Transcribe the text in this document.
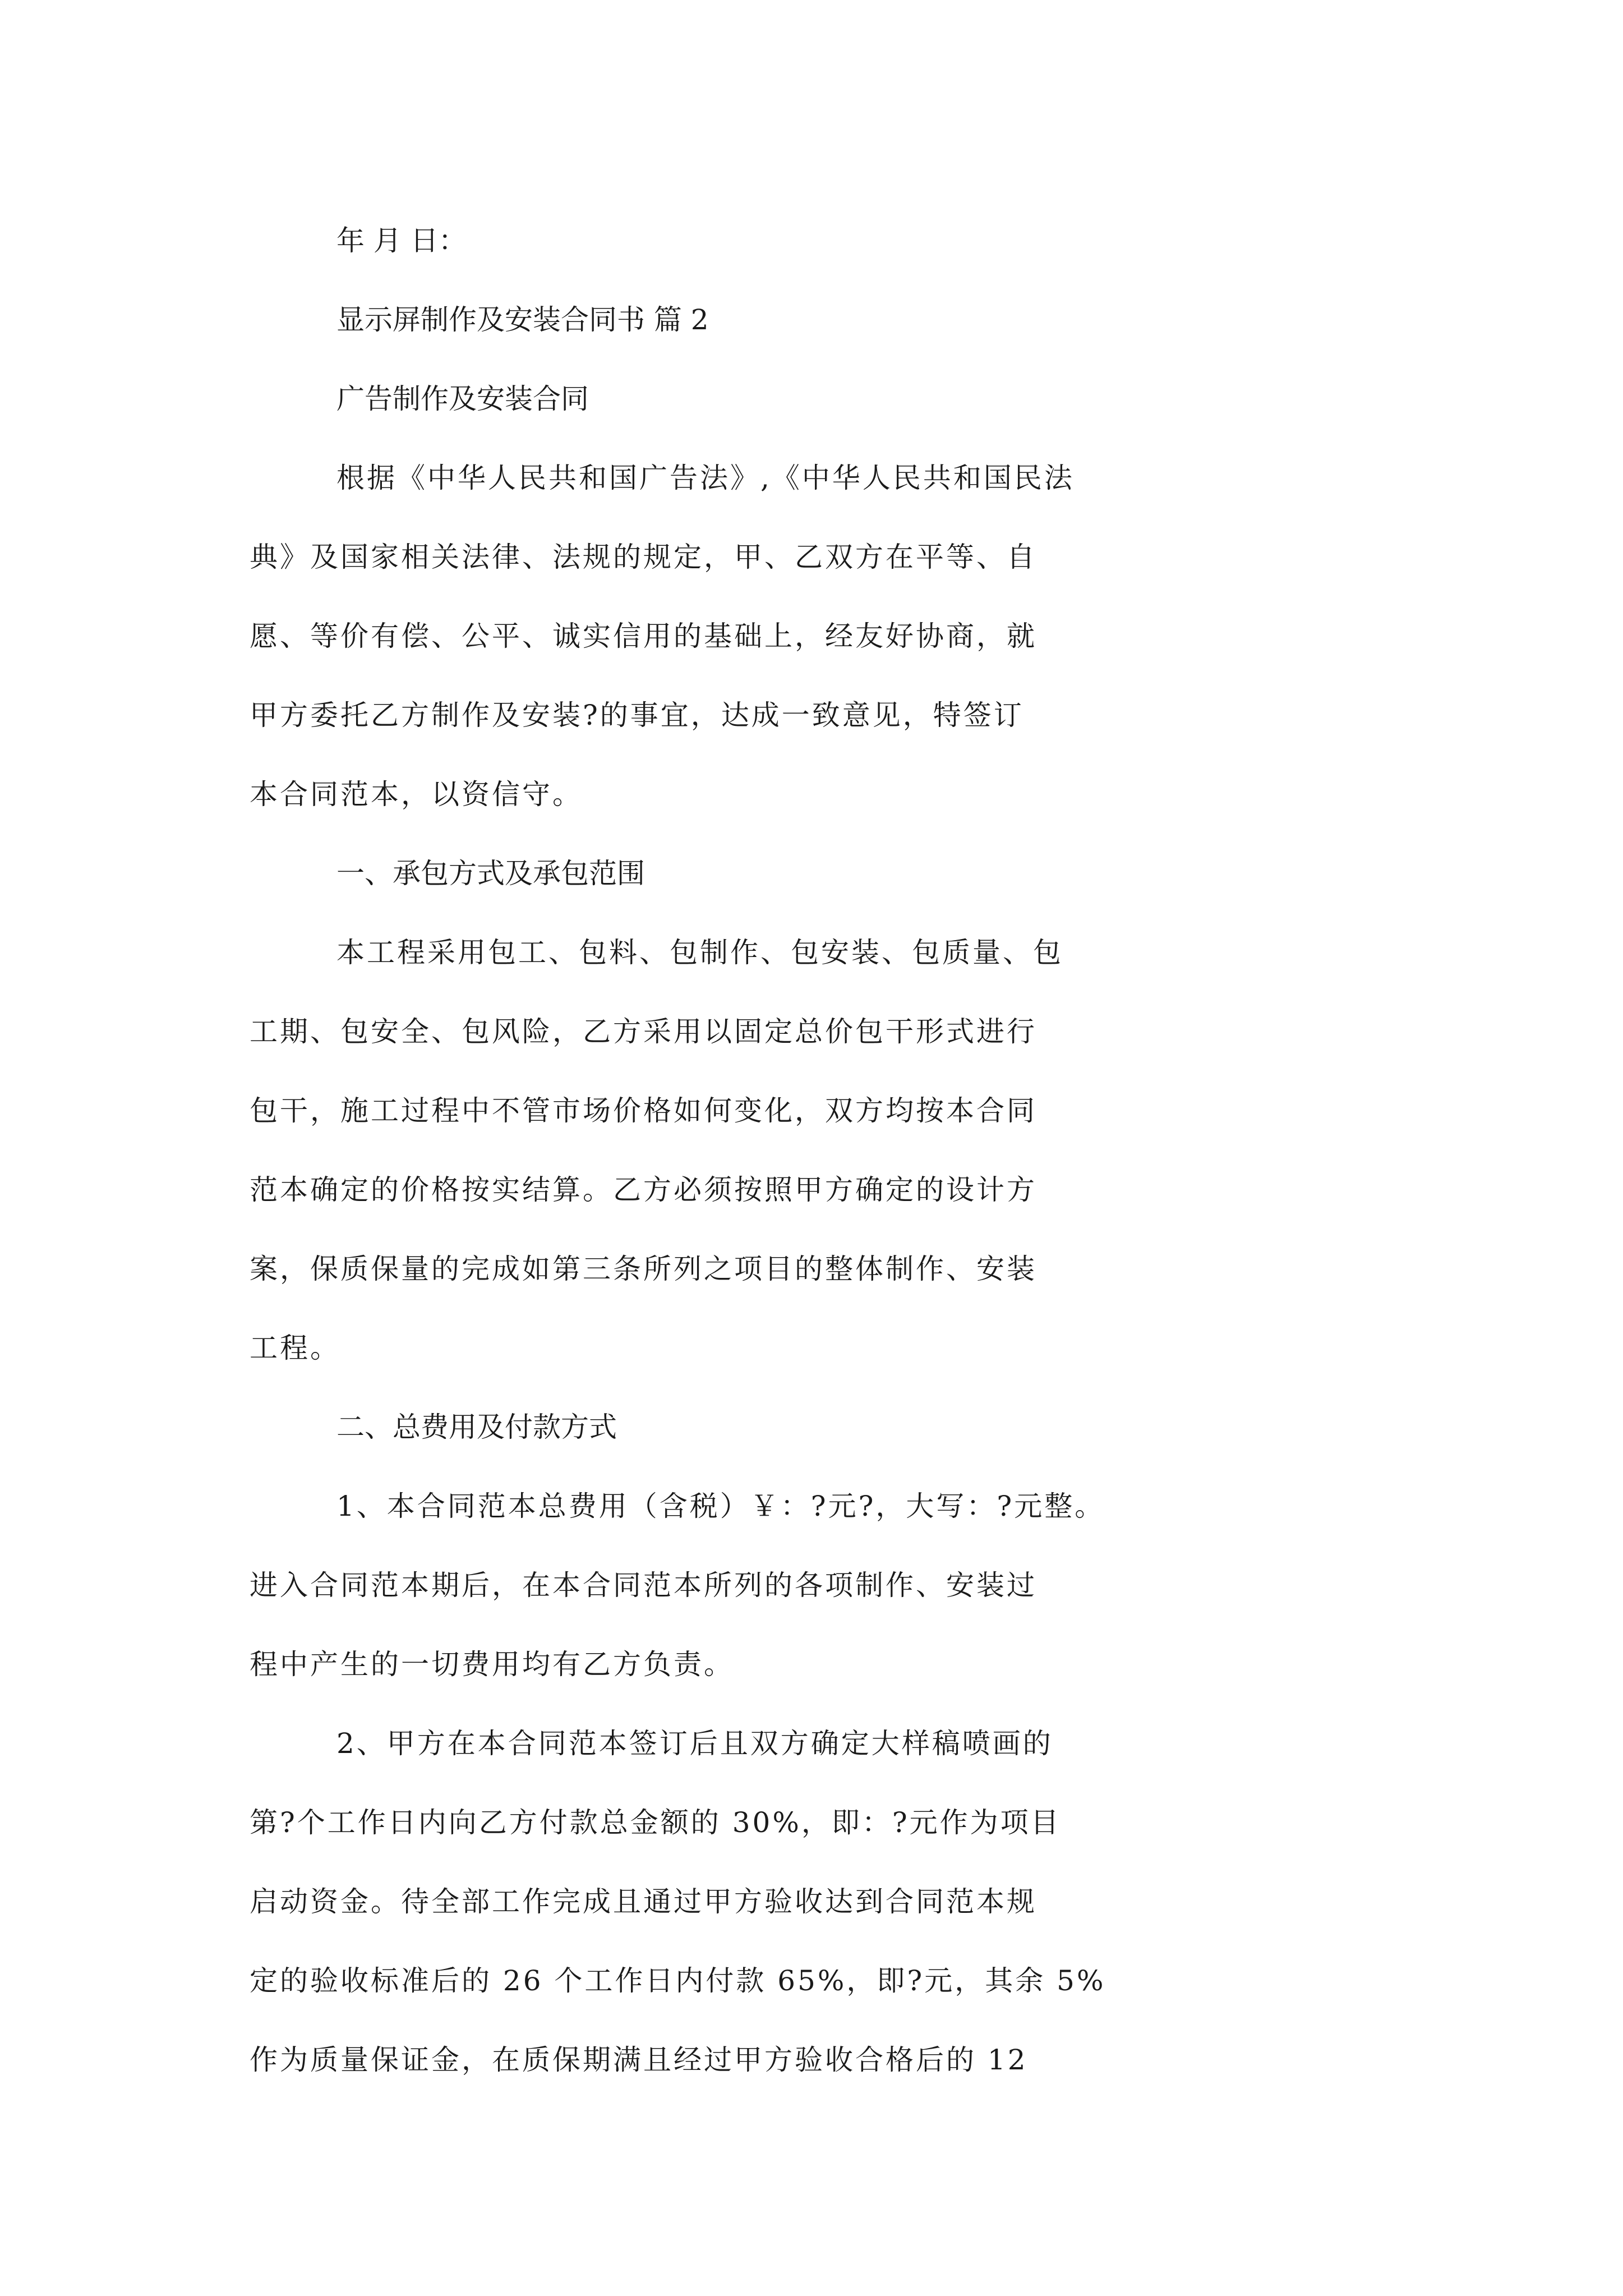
年 月 日：
显示屏制作及安装合同书 篇 2
广告制作及安装合同
根据《中华人民共和国广告法》,《中华人民共和国民法
典》及国家相关法律、法规的规定，甲、乙双方在平等、自
愿、等价有偿、公平、诚实信用的基础上，经友好协商，就
甲方委托乙方制作及安装?的事宜，达成一致意见，特签订
本合同范本，以资信守。
一、承包方式及承包范围
本工程采用包工、包料、包制作、包安装、包质量、包
工期、包安全、包风险，乙方采用以固定总价包干形式进行
包干，施工过程中不管市场价格如何变化，双方均按本合同
范本确定的价格按实结算。乙方必须按照甲方确定的设计方
案，保质保量的完成如第三条所列之项目的整体制作、安装
工程。
二、总费用及付款方式
1、本合同范本总费用（含税）￥：?元?，大写：?元整。
进入合同范本期后，在本合同范本所列的各项制作、安装过
程中产生的一切费用均有乙方负责。
2、甲方在本合同范本签订后且双方确定大样稿喷画的
第?个工作日内向乙方付款总金额的 30%，即：?元作为项目
启动资金。待全部工作完成且通过甲方验收达到合同范本规
定的验收标准后的 26 个工作日内付款 65%，即?元，其余 5%
作为质量保证金，在质保期满且经过甲方验收合格后的 12
